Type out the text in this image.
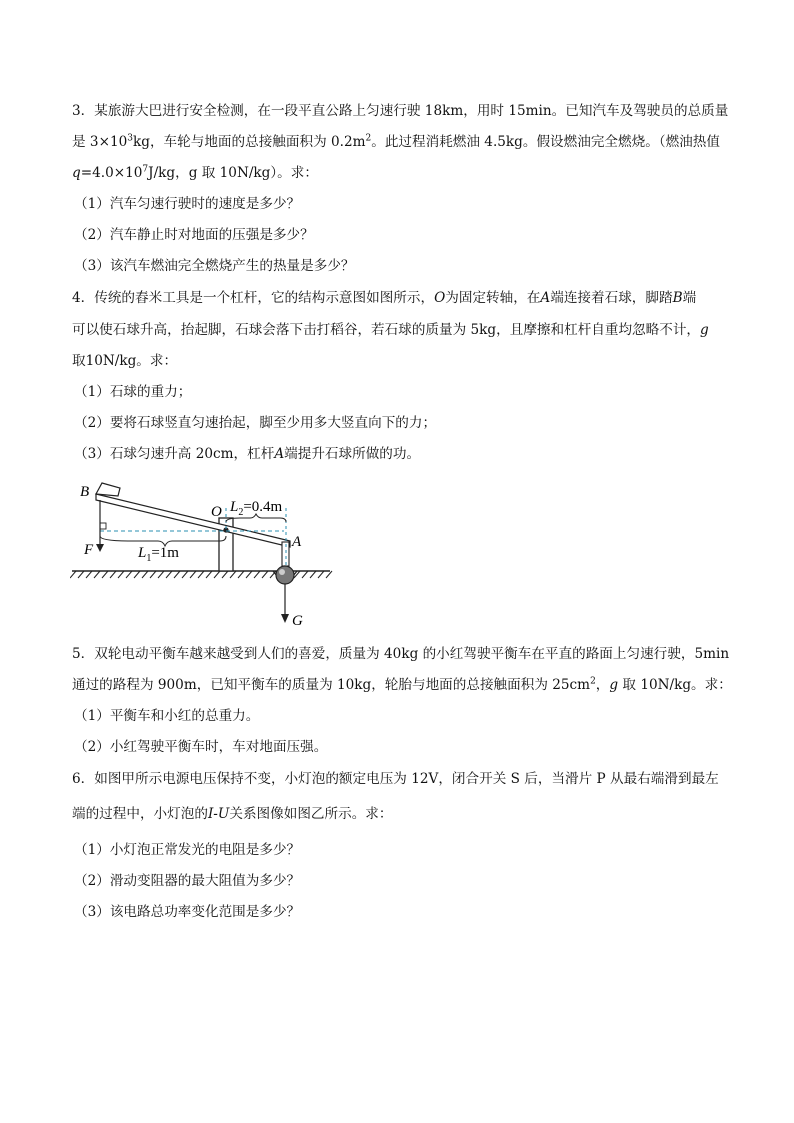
3．某旅游大巴进行安全检测，在一段平直公路上匀速行驶 18km，用时 15min。已知汽车及驾驶员的总质量
是 $3\times 10^3kg$，车轮与地面的总接触面积为 $0.2m^2$。此过程消耗燃油 4.5kg。假设燃油完全燃烧。（燃油热值
$q=4.0\times 10^7J/kg$，g 取 10N/kg）。求：
（1）汽车匀速行驶时的速度是多少？
（2）汽车静止时对地面的压强是多少？
（3）该汽车燃油完全燃烧产生的热量是多少？
4．传统的舂米工具是一个杠杆，它的结构示意图如图所示，O为固定转轴，在A端连接着石球，脚踏B端
可以使石球升高，抬起脚，石球会落下击打稻谷，若石球的质量为 5kg，且摩擦和杠杆自重均忽略不计，g
取10N/kg。求：
（1）石球的重力；
（2）要将石球竖直匀速抬起，脚至少用多大竖直向下的力；
（3）石球匀速升高 20cm，杠杆A端提升石球所做的功。
B
O
A
F
G
$L_2=0.4m$
$L_1=1m$
5．双轮电动平衡车越来越受到人们的喜爱，质量为 40kg 的小红驾驶平衡车在平直的路面上匀速行驶，5min
通过的路程为 900m，已知平衡车的质量为 10kg，轮胎与地面的总接触面积为 $25cm^2$，g 取 10N/kg。求：
（1）平衡车和小红的总重力。
（2）小红驾驶平衡车时，车对地面压强。
6．如图甲所示电源电压保持不变，小灯泡的额定电压为 12V，闭合开关 S 后，当滑片 P 从最右端滑到最左
端的过程中，小灯泡的I-U关系图像如图乙所示。求：
（1）小灯泡正常发光的电阻是多少？
（2）滑动变阻器的最大阻值为多少？
（3）该电路总功率变化范围是多少？
